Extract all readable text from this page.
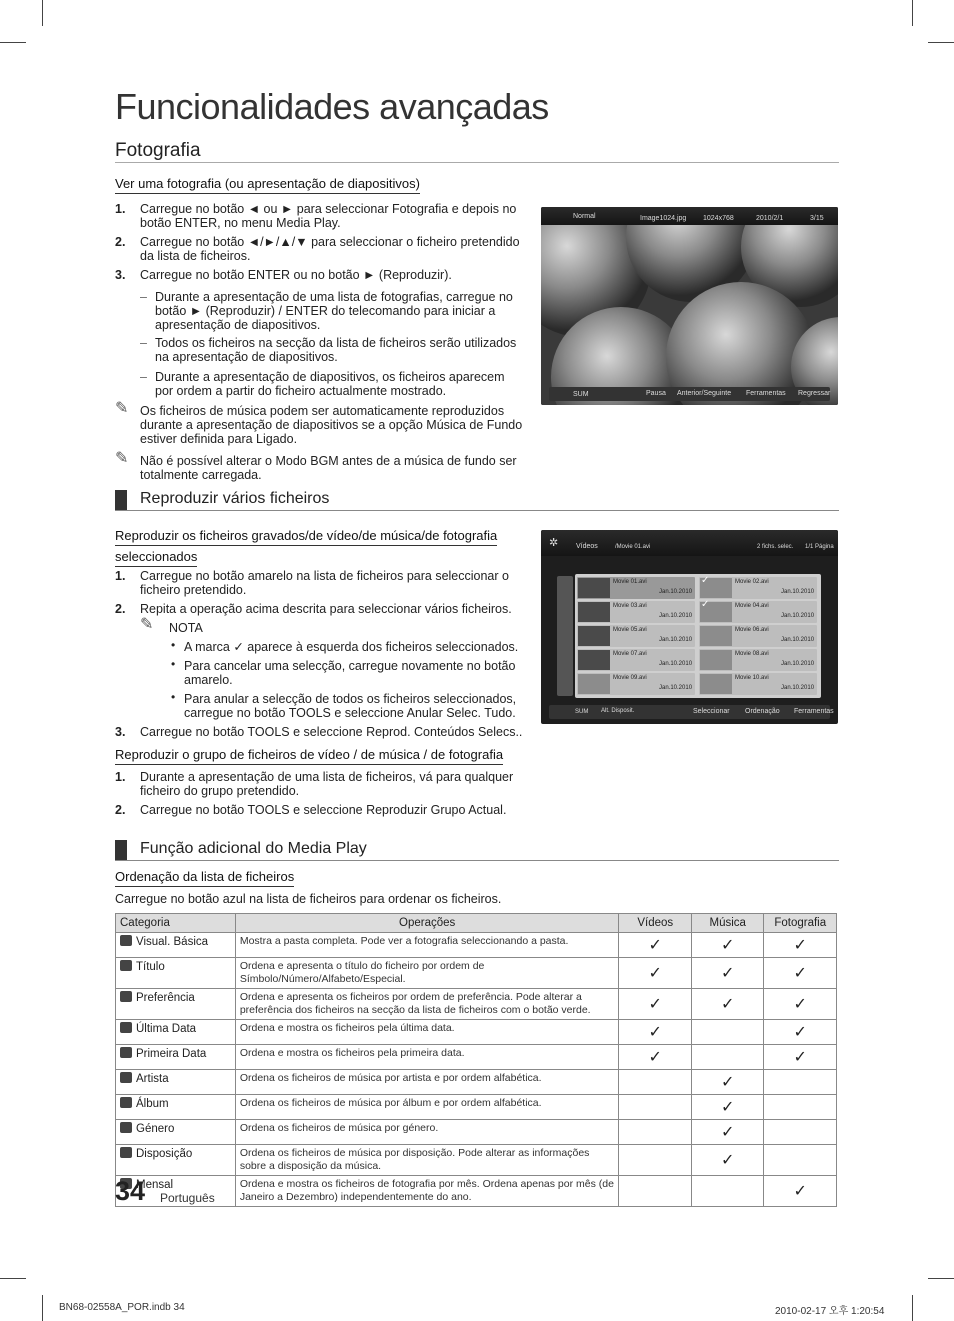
Funcionalidades avançadas
Fotografia
Ver uma fotografia (ou apresentação de diapositivos)
1. Carregue no botão ◄ ou ► para seleccionar Fotografia e depois no botão ENTER, no menu Media Play.
2. Carregue no botão ◄/►/▲/▼ para seleccionar o ficheiro pretendido da lista de ficheiros.
3. Carregue no botão ENTER ou no botão ► (Reproduzir).
– Durante a apresentação de uma lista de fotografias, carregue no botão ► (Reproduzir) / ENTER do telecomando para iniciar a apresentação de diapositivos.
– Todos os ficheiros na secção da lista de ficheiros serão utilizados na apresentação de diapositivos.
– Durante a apresentação de diapositivos, os ficheiros aparecem por ordem a partir do ficheiro actualmente mostrado.
✎ Os ficheiros de música podem ser automaticamente reproduzidos durante a apresentação de diapositivos se a opção Música de Fundo estiver definida para Ligado.
✎ Não é possível alterar o Modo BGM antes de a música de fundo ser totalmente carregada.
Normal	Image1024.jpg 1024x768	2010/2/1	3/15
SUM	Pausa Anterior/Seguinte Ferramentas Regressar
Reproduzir vários ficheiros
Reproduzir os ficheiros gravados/de vídeo/de música/de fotografia
seleccionados
1. Carregue no botão amarelo na lista de ficheiros para seleccionar o ficheiro pretendido.
2. Repita a operação acima descrita para seleccionar vários ficheiros.
✎ NOTA
• A marca ✓ aparece à esquerda dos ficheiros seleccionados.
• Para cancelar uma selecção, carregue novamente no botão amarelo.
• Para anular a selecção de todos os ficheiros seleccionados, carregue no botão TOOLS e seleccione Anular Selec. Tudo.
3. Carregue no botão TOOLS e seleccione Reprod. Conteúdos Selecs..
✲	Vídeos	/Movie 01.avi	2 fichs. selec. 1/1 Página
SUM Alt. Disposit.	Seleccionar Ordenação Ferramentas
Movie 01.avi
Jan.10.2010
Movie 02.avi
Jan.10.2010
✓
Movie 03.avi
Jan.10.2010
Movie 04.avi
Jan.10.2010
✓
Movie 05.avi
Jan.10.2010
Movie 06.avi
Jan.10.2010
Movie 07.avi
Jan.10.2010
Movie 08.avi
Jan.10.2010
Movie 09.avi
Jan.10.2010
Movie 10.avi
Jan.10.2010
Reproduzir o grupo de ficheiros de vídeo / de música / de fotografia
1. Durante a apresentação de uma lista de ficheiros, vá para qualquer ficheiro do grupo pretendido.
2. Carregue no botão TOOLS e seleccione Reproduzir Grupo Actual.
Função adicional do Media Play
Ordenação da lista de ficheiros
Carregue no botão azul na lista de ficheiros para ordenar os ficheiros.
Categoria	Operações	Vídeos	Música	Fotografia
Visual. Básica	Mostra a pasta completa. Pode ver a fotografia seleccionando a pasta.	✓	✓	✓
Título	Ordena e apresenta o título do ficheiro por ordem de Símbolo/Número/Alfabeto/Especial.	✓	✓	✓
Preferência	Ordena e apresenta os ficheiros por ordem de preferência. Pode alterar a preferência dos ficheiros na secção da lista de ficheiros com o botão verde.	✓	✓	✓
Última Data	Ordena e mostra os ficheiros pela última data.	✓		✓
Primeira Data	Ordena e mostra os ficheiros pela primeira data.	✓		✓
Artista	Ordena os ficheiros de música por artista e por ordem alfabética.		✓	
Álbum	Ordena os ficheiros de música por álbum e por ordem alfabética.		✓	
Género	Ordena os ficheiros de música por género.		✓	
Disposição	Ordena os ficheiros de música por disposição. Pode alterar as informações sobre a disposição da música.		✓	
Mensal	Ordena e mostra os ficheiros de fotografia por mês. Ordena apenas por mês (de Janeiro a Dezembro) independentemente do ano.			✓
34 Português
BN68-02558A_POR.indb 34	2010-02-17 오후 1:20:54
